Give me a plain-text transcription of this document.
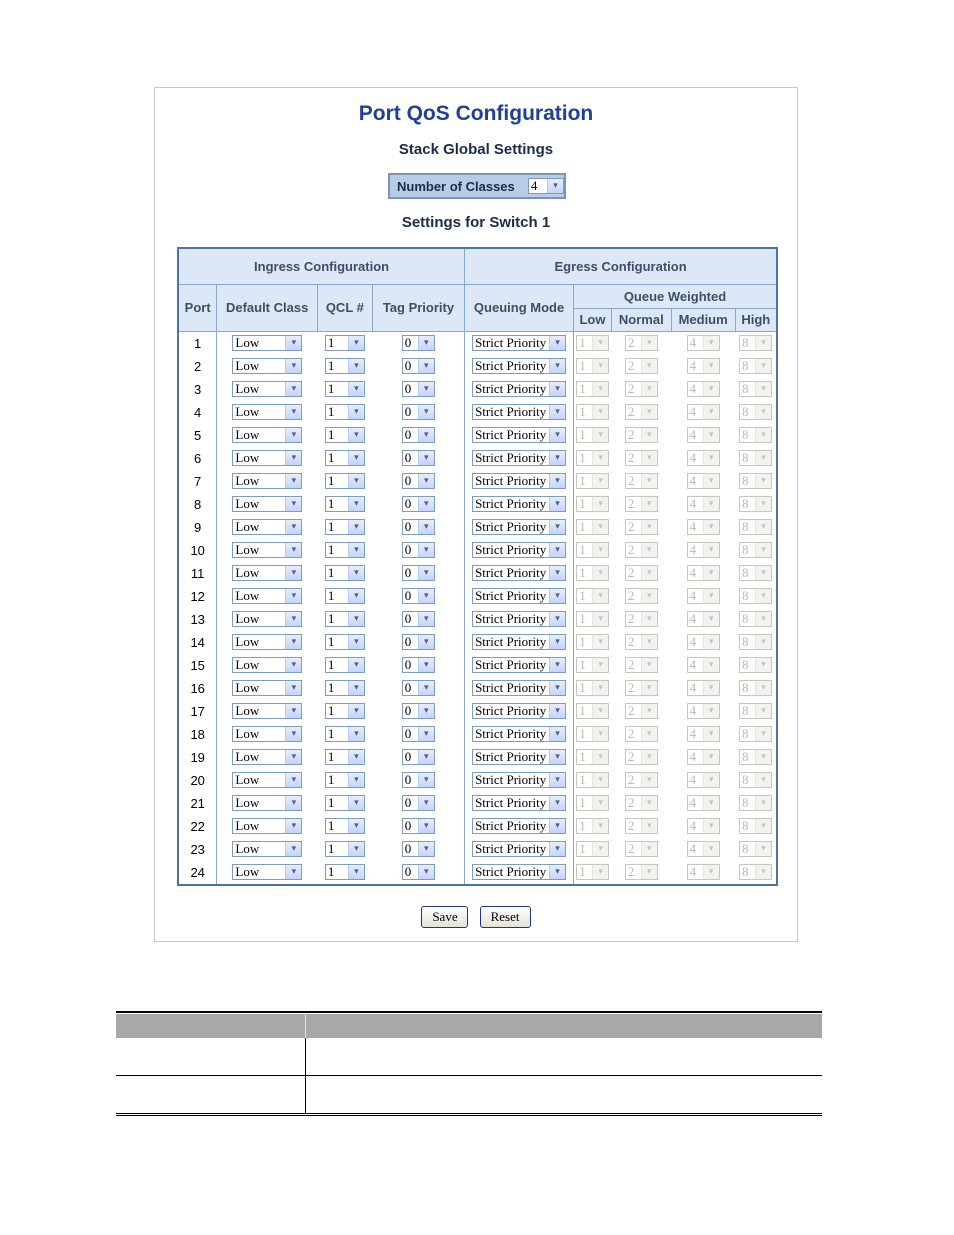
Port QoS Configuration
Stack Global Settings
Number of Classes	4	▾
Settings for Switch 1
Ingress Configuration				Egress Configuration				
Port	Default Class	QCL #	Tag Priority	Queuing Mode	Queue Weighted			
					Low	Normal	Medium	High
1	Low ▾	1 ▾	0 ▾	Strict Priority ▾	1 ▾	2 ▾	4 ▾	8 ▾

2	Low ▾	1 ▾	0 ▾	Strict Priority ▾	1 ▾	2 ▾	4 ▾	8 ▾

3	Low ▾	1 ▾	0 ▾	Strict Priority ▾	1 ▾	2 ▾	4 ▾	8 ▾

4	Low ▾	1 ▾	0 ▾	Strict Priority ▾	1 ▾	2 ▾	4 ▾	8 ▾

5	Low ▾	1 ▾	0 ▾	Strict Priority ▾	1 ▾	2 ▾	4 ▾	8 ▾

6	Low ▾	1 ▾	0 ▾	Strict Priority ▾	1 ▾	2 ▾	4 ▾	8 ▾

7	Low ▾	1 ▾	0 ▾	Strict Priority ▾	1 ▾	2 ▾	4 ▾	8 ▾

8	Low ▾	1 ▾	0 ▾	Strict Priority ▾	1 ▾	2 ▾	4 ▾	8 ▾

9	Low ▾	1 ▾	0 ▾	Strict Priority ▾	1 ▾	2 ▾	4 ▾	8 ▾

10	Low ▾	1 ▾	0 ▾	Strict Priority ▾	1 ▾	2 ▾	4 ▾	8 ▾

11	Low ▾	1 ▾	0 ▾	Strict Priority ▾	1 ▾	2 ▾	4 ▾	8 ▾

12	Low ▾	1 ▾	0 ▾	Strict Priority ▾	1 ▾	2 ▾	4 ▾	8 ▾

13	Low ▾	1 ▾	0 ▾	Strict Priority ▾	1 ▾	2 ▾	4 ▾	8 ▾

14	Low ▾	1 ▾	0 ▾	Strict Priority ▾	1 ▾	2 ▾	4 ▾	8 ▾

15	Low ▾	1 ▾	0 ▾	Strict Priority ▾	1 ▾	2 ▾	4 ▾	8 ▾

16	Low ▾	1 ▾	0 ▾	Strict Priority ▾	1 ▾	2 ▾	4 ▾	8 ▾

17	Low ▾	1 ▾	0 ▾	Strict Priority ▾	1 ▾	2 ▾	4 ▾	8 ▾

18	Low ▾	1 ▾	0 ▾	Strict Priority ▾	1 ▾	2 ▾	4 ▾	8 ▾

19	Low ▾	1 ▾	0 ▾	Strict Priority ▾	1 ▾	2 ▾	4 ▾	8 ▾

20	Low ▾	1 ▾	0 ▾	Strict Priority ▾	1 ▾	2 ▾	4 ▾	8 ▾

21	Low ▾	1 ▾	0 ▾	Strict Priority ▾	1 ▾	2 ▾	4 ▾	8 ▾

22	Low ▾	1 ▾	0 ▾	Strict Priority ▾	1 ▾	2 ▾	4 ▾	8 ▾

23	Low ▾	1 ▾	0 ▾	Strict Priority ▾	1 ▾	2 ▾	4 ▾	8 ▾

24	Low ▾	1 ▾	0 ▾	Strict Priority ▾	1 ▾	2 ▾	4 ▾	8 ▾
Save	Reset
